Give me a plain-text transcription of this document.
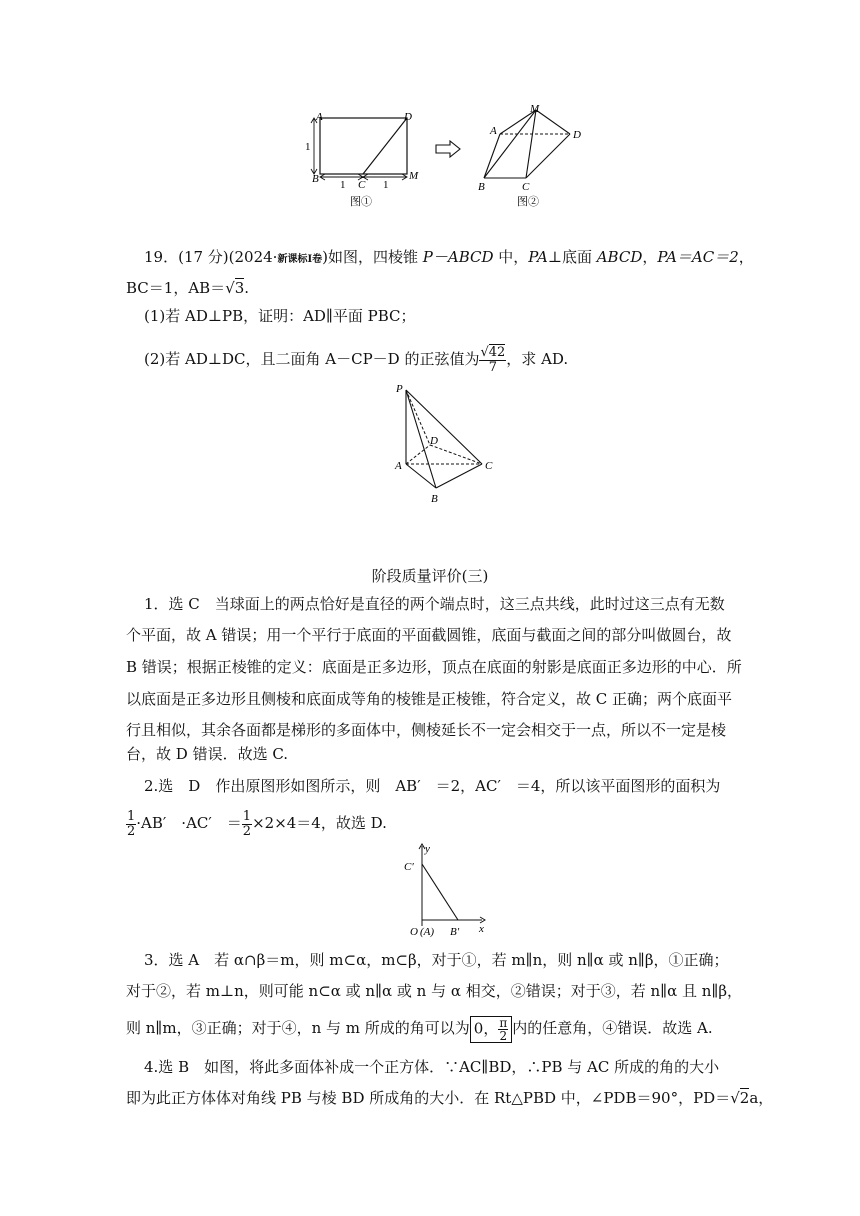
A	D
B	C
M
1
1	1
图①
M
A	D
B	C
图②
19．(17 分)(2024·新课标Ⅰ卷)如图，四棱锥 P－ABCD 中，PA⊥底面 ABCD，PA＝AC＝2，
BC＝1，AB＝√3.
(1)若 AD⊥PB，证明：AD∥平面 PBC；
(2)若 AD⊥DC，且二面角 A－CP－D 的正弦值为 $\frac{√42}{7}$ ，求 AD.
P
D
A	C
B
阶段质量评价(三)
1．选 C　当球面上的两点恰好是直径的两个端点时，这三点共线，此时过这三点有无数
个平面，故 A 错误；用一个平行于底面的平面截圆锥，底面与截面之间的部分叫做圆台，故
B 错误；根据正棱锥的定义：底面是正多边形，顶点在底面的射影是底面正多边形的中心．所
以底面是正多边形且侧棱和底面成等角的棱锥是正棱锥，符合定义，故 C 正确；两个底面平
行且相似，其余各面都是梯形的多面体中，侧棱延长不一定会相交于一点，所以不一定是棱
台，故 D 错误．故选 C.
2.选　D　作出原图形如图所示，则　AB′　＝2，AC′　＝4，所以该平面图形的面积为
$\frac{1}{2} \cdot AB'$　·AC′　＝ $\frac{1}{2} \times 2\times 4=4$，故选 D.
y
x
C′
O (A) B′
3．选 A　若 α∩β＝m，则 m⊂α，m⊂β，对于①，若 m∥n，则 n∥α 或 n∥β，①正确；
对于②，若 m⊥n，则可能 n⊂α 或 n∥α 或 n 与 α 相交，②错误；对于③，若 n∥α 且 n∥β，
则 n∥m，③正确；对于④，n 与 m 所成的角可以为 0， $\frac{\pi}{2}$ 内的任意角，④错误．故选 A.
4.选 B　如图，将此多面体补成一个正方体．∵AC∥BD，∴PB 与 AC 所成的角的大小
即为此正方体体对角线 PB 与棱 BD 所成角的大小．在 Rt△PBD 中，∠PDB＝90°，PD＝√2a，
